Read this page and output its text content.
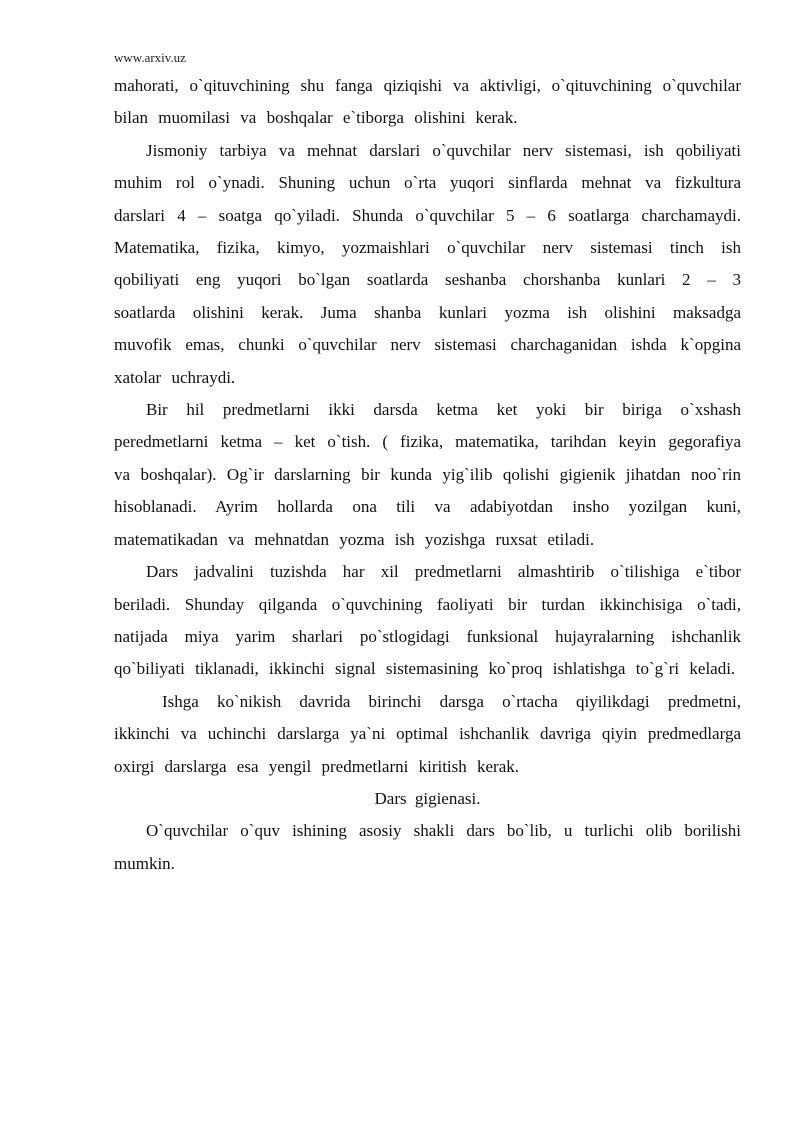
www.arxiv.uz

mahorati, o`qituvchining shu fanga qiziqishi va aktivligi, o`qituvchining o`quvchilar bilan muomilasi va boshqalar e`tiborga olishini kerak.

Jismoniy tarbiya va mehnat darslari o`quvchilar nerv sistemasi, ish qobiliyati muhim rol o`ynadi. Shuning uchun o`rta yuqori sinflarda mehnat va fizkultura darslari 4 – soatga qo`yiladi. Shunda o`quvchilar 5 – 6 soatlarga charchamaydi. Matematika, fizika, kimyo, yozmaishlari o`quvchilar nerv sistemasi tinch ish qobiliyati eng yuqori bo`lgan soatlarda seshanba chorshanba kunlari 2 – 3 soatlarda olishini kerak. Juma shanba kunlari yozma ish olishini maksadga muvofik emas, chunki o`quvchilar nerv sistemasi charchaganidan ishda k`opgina xatolar uchraydi.

Bir hil predmetlarni ikki darsda ketma ket yoki bir biriga o`xshash peredmetlarni ketma – ket o`tish. ( fizika, matematika, tarihdan keyin gegorafiya va boshqalar). Og`ir darslarning bir kunda yig`ilib qolishi gigienik jihatdan noo`rin hisoblanadi. Ayrim hollarda ona tili va adabiyotdan insho yozilgan kuni, matematikadan va mehnatdan yozma ish yozishga ruxsat etiladi.

Dars jadvalini tuzishda har xil predmetlarni almashtirib o`tilishiga e`tibor beriladi. Shunday qilganda o`quvchining faoliyati bir turdan ikkinchisiga o`tadi, natijada miya yarim sharlari po`stlogidagi funksional hujayralarning ishchanlik qo`biliyati tiklanadi, ikkinchi signal sistemasining ko`proq ishlatishga to`g`ri keladi.

Ishga ko`nikish davrida birinchi darsga o`rtacha qiyilikdagi predmetni, ikkinchi va uchinchi darslarga ya`ni optimal ishchanlik davriga qiyin predmedlarga oxirgi darslarga esa yengil predmetlarni kiritish kerak.

Dars gigienasi.

O`quvchilar o`quv ishining asosiy shakli dars bo`lib, u turlichi olib borilishi mumkin.
